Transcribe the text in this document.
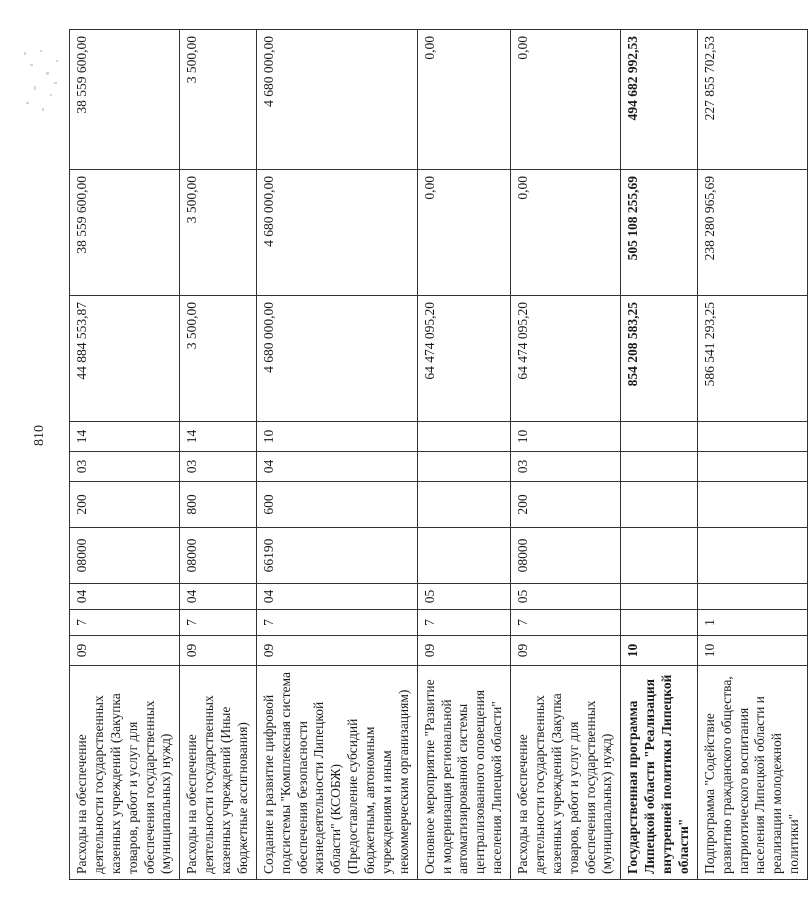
810
Расходы на обеспечение деятельности государственных казенных учреждений (Закупка товаров, работ и услуг для обеспечения государственных (муниципальных) нужд)	09	7	04	08000	200	03	14	44 884 553,87	38 559 600,00	38 559 600,00
Расходы на обеспечение деятельности государственных казенных учреждений (Иные бюджетные ассигнования)	09	7	04	08000	800	03	14	3 500,00	3 500,00	3 500,00
Создание и развитие цифровой подсистемы "Комплексная система обеспечения безопасности жизнедеятельности Липецкой области" (КСОБЖ) (Предоставление субсидий бюджетным, автономным учреждениям и иным некоммерческим организациям)	09	7	04	66190	600	04	10	4 680 000,00	4 680 000,00	4 680 000,00
Основное мероприятие "Развитие и модернизация региональной автоматизированной системы централизованного оповещения населения Липецкой области"	09	7	05					64 474 095,20	0,00	0,00
Расходы на обеспечение деятельности государственных казенных учреждений (Закупка товаров, работ и услуг для обеспечения государственных (муниципальных) нужд)	09	7	05	08000	200	03	10	64 474 095,20	0,00	0,00
Государственная программа Липецкой области "Реализация внутренней политики Липецкой области"	10							854 208 583,25	505 108 255,69	494 682 992,53
Подпрограмма "Содействие развитию гражданского общества, патриотического воспитания населения Липецкой области и реализации молодежной политики"	10	1						586 541 293,25	238 280 965,69	227 855 702,53
